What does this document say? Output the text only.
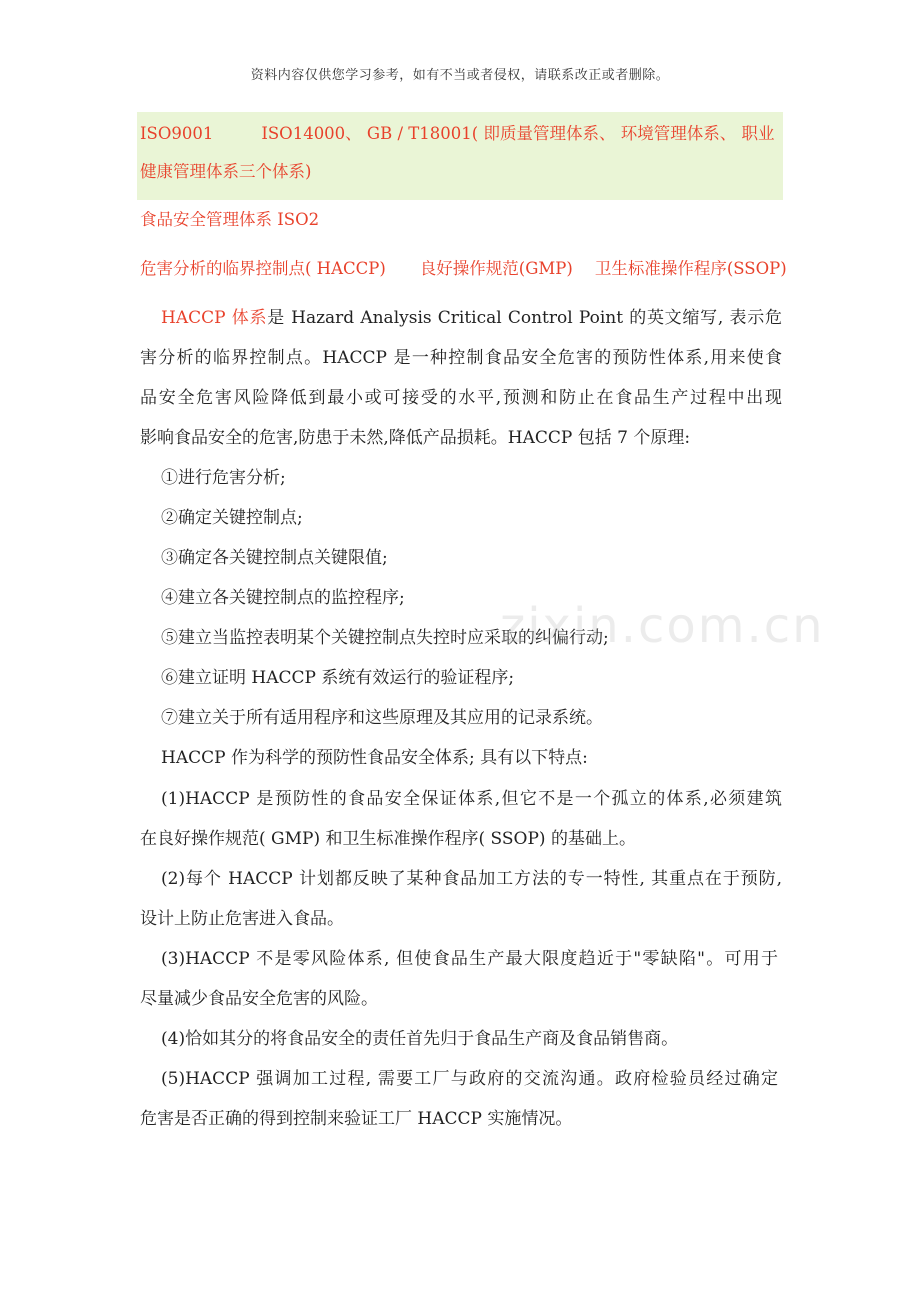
资料内容仅供您学习参考，如有不当或者侵权，请联系改正或者删除。
ISO9001	ISO14000、 GB / T18001( 即质量管理体系、 环境管理体系、 职业
健康管理体系三个体系)
食品安全管理体系 ISO2
危害分析的临界控制点( HACCP) 良好操作规范(GMP) 卫生标准操作程序(SSOP)
HACCP 体系是 Hazard Analysis Critical Control Point 的英文缩写, 表示危
害分析的临界控制点。HACCP 是一种控制食品安全危害的预防性体系,用来使食
品安全危害风险降低到最小或可接受的水平,预测和防止在食品生产过程中出现
影响食品安全的危害,防患于未然,降低产品损耗。HACCP 包括 7 个原理:
①进行危害分析;
②确定关键控制点;
③确定各关键控制点关键限值;
④建立各关键控制点的监控程序;
⑤建立当监控表明某个关键控制点失控时应采取的纠偏行动;
⑥建立证明 HACCP 系统有效运行的验证程序;
⑦建立关于所有适用程序和这些原理及其应用的记录系统。
HACCP 作为科学的预防性食品安全体系; 具有以下特点:
(1)HACCP 是预防性的食品安全保证体系,但它不是一个孤立的体系,必须建筑
在良好操作规范( GMP) 和卫生标准操作程序( SSOP) 的基础上。
(2)每个 HACCP 计划都反映了某种食品加工方法的专一特性, 其重点在于预防,
设计上防止危害进入食品。
(3)HACCP 不是零风险体系, 但使食品生产最大限度趋近于"零缺陷"。可用于
尽量减少食品安全危害的风险。
(4)恰如其分的将食品安全的责任首先归于食品生产商及食品销售商。
(5)HACCP 强调加工过程, 需要工厂与政府的交流沟通。政府检验员经过确定
危害是否正确的得到控制来验证工厂 HACCP 实施情况。
zixin.com.cn
